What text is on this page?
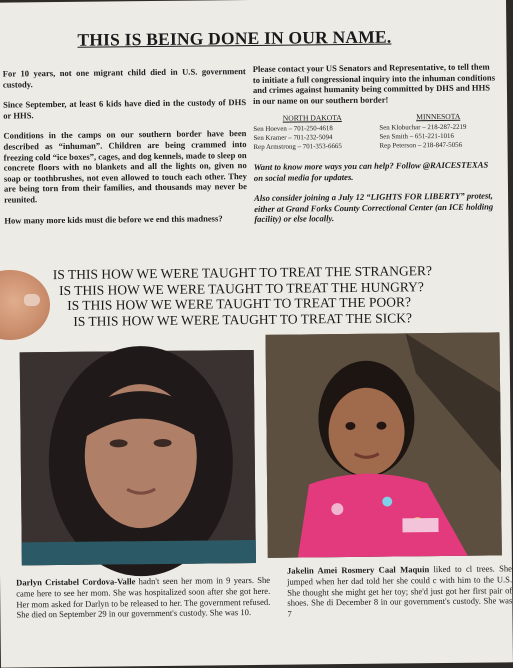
THIS IS BEING DONE IN OUR NAME.

For 10 years, not one migrant child died in U.S. government custody.

Since September, at least 6 kids have died in the custody of DHS or HHS.

Conditions in the camps on our southern border have been described as “inhuman”. Children are being crammed into freezing cold “ice boxes”, cages, and dog kennels, made to sleep on concrete floors with no blankets and all the lights on, given no soap or toothbrushes, not even allowed to touch each other. They are being torn from their families, and thousands may never be reunited.

How many more kids must die before we end this madness?

Please contact your US Senators and Representative, to tell them to initiate a full congressional inquiry into the inhuman conditions and crimes against humanity being committed by DHS and HHS in our name on our southern border!

NORTH DAKOTA
Sen Hoeven – 701-250-4618
Sen Kramer – 701-232-5094
Rep Armstrong – 701-353-6665
MINNESOTA
Sen Klobuchar – 218-287-2219
Sen Smith – 651-221-1016
Rep Peterson – 218-847-5056

Want to know more ways you can help? Follow @RAICESTEXAS on social media for updates.

Also consider joining a July 12 “LIGHTS FOR LIBERTY” protest, either at Grand Forks County Correctional Center (an ICE holding facility) or else locally.

IS THIS HOW WE WERE TAUGHT TO TREAT THE STRANGER?
IS THIS HOW WE WERE TAUGHT TO TREAT THE HUNGRY?
IS THIS HOW WE WERE TAUGHT TO TREAT THE POOR?
IS THIS HOW WE WERE TAUGHT TO TREAT THE SICK?
Darlyn Cristabel Cordova-Valle hadn't seen her mom in 9 years. She came here to see her mom. She was hospitalized soon after she got here. Her mom asked for Darlyn to be released to her. The government refused. She died on September 29 in our government's custody. She was 10.
Jakelin Amei Rosmery Caal Maquin liked to cl trees. She jumped when her dad told her she could c with him to the U.S. She thought she might get her toy; she'd just got her first pair of shoes. She di December 8 in our government's custody. She was 7
